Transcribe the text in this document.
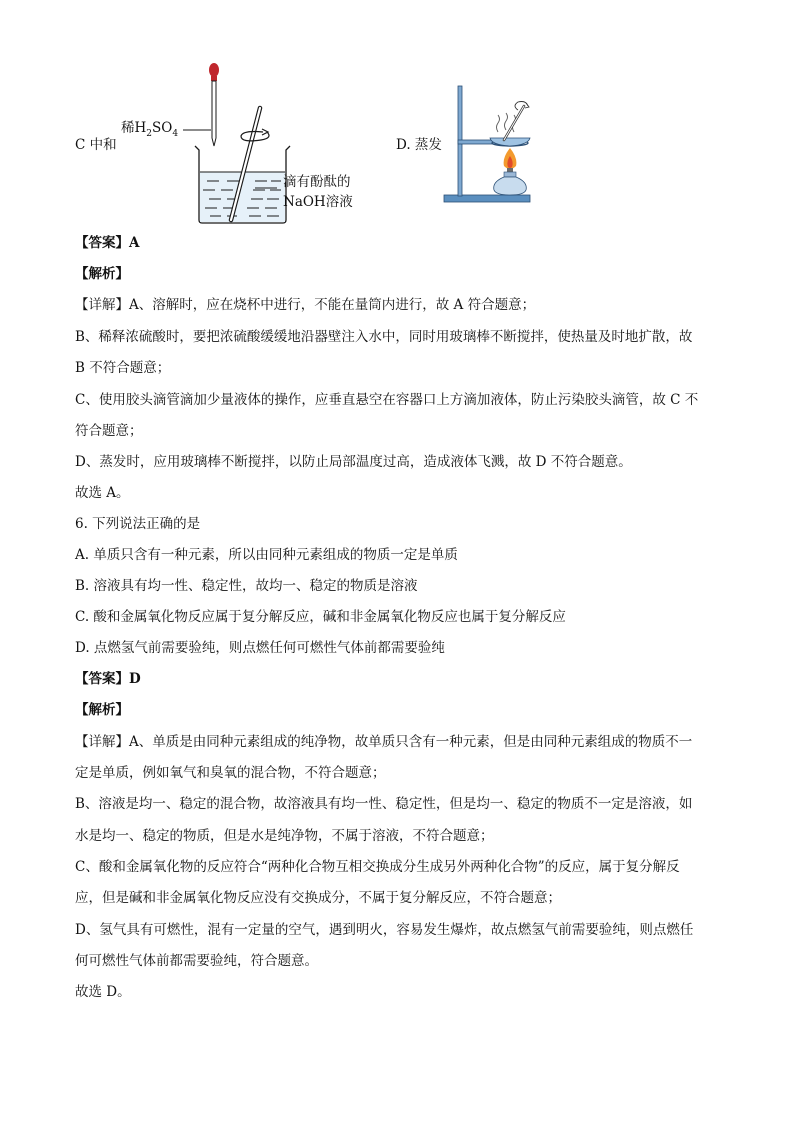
C 中和
稀$H_2SO_4$
滴有酚酞的
NaOH溶液
D. 蒸发
【答案】A
【解析】
【详解】A、溶解时，应在烧杯中进行，不能在量筒内进行，故 A 符合题意；
B、稀释浓硫酸时，要把浓硫酸缓缓地沿器壁注入水中，同时用玻璃棒不断搅拌，使热量及时地扩散，故
B 不符合题意；
C、使用胶头滴管滴加少量液体的操作，应垂直悬空在容器口上方滴加液体，防止污染胶头滴管，故 C 不
符合题意；
D、蒸发时，应用玻璃棒不断搅拌，以防止局部温度过高，造成液体飞溅，故 D 不符合题意。
故选 A。
6. 下列说法正确的是
A. 单质只含有一种元素，所以由同种元素组成的物质一定是单质
B. 溶液具有均一性、稳定性，故均一、稳定的物质是溶液
C. 酸和金属氧化物反应属于复分解反应，碱和非金属氧化物反应也属于复分解反应
D. 点燃氢气前需要验纯，则点燃任何可燃性气体前都需要验纯
【答案】D
【解析】
【详解】A、单质是由同种元素组成的纯净物，故单质只含有一种元素，但是由同种元素组成的物质不一
定是单质，例如氧气和臭氧的混合物，不符合题意；
B、溶液是均一、稳定的混合物，故溶液具有均一性、稳定性，但是均一、稳定的物质不一定是溶液，如
水是均一、稳定的物质，但是水是纯净物，不属于溶液，不符合题意；
C、酸和金属氧化物的反应符合“两种化合物互相交换成分生成另外两种化合物”的反应，属于复分解反
应，但是碱和非金属氧化物反应没有交换成分，不属于复分解反应，不符合题意；
D、氢气具有可燃性，混有一定量的空气，遇到明火，容易发生爆炸，故点燃氢气前需要验纯，则点燃任
何可燃性气体前都需要验纯，符合题意。
故选 D。
